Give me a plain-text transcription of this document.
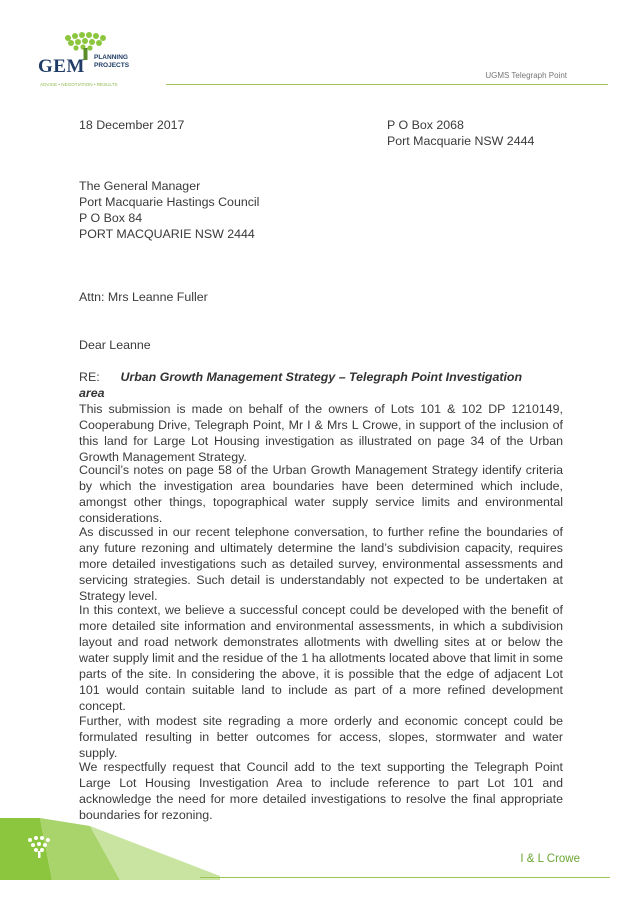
GEM PLANNING
PROJECTS
ADVICE • NEGOTIATION • RESULTS
UGMS Telegraph Point
18 December 2017	P O Box 2068
Port Macquarie NSW 2444
The General Manager
Port Macquarie Hastings Council
P O Box 84
PORT MACQUARIE NSW 2444
Attn: Mrs Leanne Fuller
Dear Leanne
RE: Urban Growth Management Strategy – Telegraph Point Investigation area
This submission is made on behalf of the owners of Lots 101 & 102 DP 1210149, Cooperabung Drive, Telegraph Point, Mr I & Mrs L Crowe, in support of the inclusion of this land for Large Lot Housing investigation as illustrated on page 34 of the Urban Growth Management Strategy.
Council’s notes on page 58 of the Urban Growth Management Strategy identify criteria by which the investigation area boundaries have been determined which include, amongst other things, topographical water supply service limits and environmental considerations.
As discussed in our recent telephone conversation, to further refine the boundaries of any future rezoning and ultimately determine the land’s subdivision capacity, requires more detailed investigations such as detailed survey, environmental assessments and servicing strategies. Such detail is understandably not expected to be undertaken at Strategy level.
In this context, we believe a successful concept could be developed with the benefit of more detailed site information and environmental assessments, in which a subdivision layout and road network demonstrates allotments with dwelling sites at or below the water supply limit and the residue of the 1 ha allotments located above that limit in some parts of the site. In considering the above, it is possible that the edge of adjacent Lot 101 would contain suitable land to include as part of a more refined development concept.
Further, with modest site regrading a more orderly and economic concept could be formulated resulting in better outcomes for access, slopes, stormwater and water supply.
We respectfully request that Council add to the text supporting the Telegraph Point Large Lot Housing Investigation Area to include reference to part Lot 101 and acknowledge the need for more detailed investigations to resolve the final appropriate boundaries for rezoning.
I & L Crowe
